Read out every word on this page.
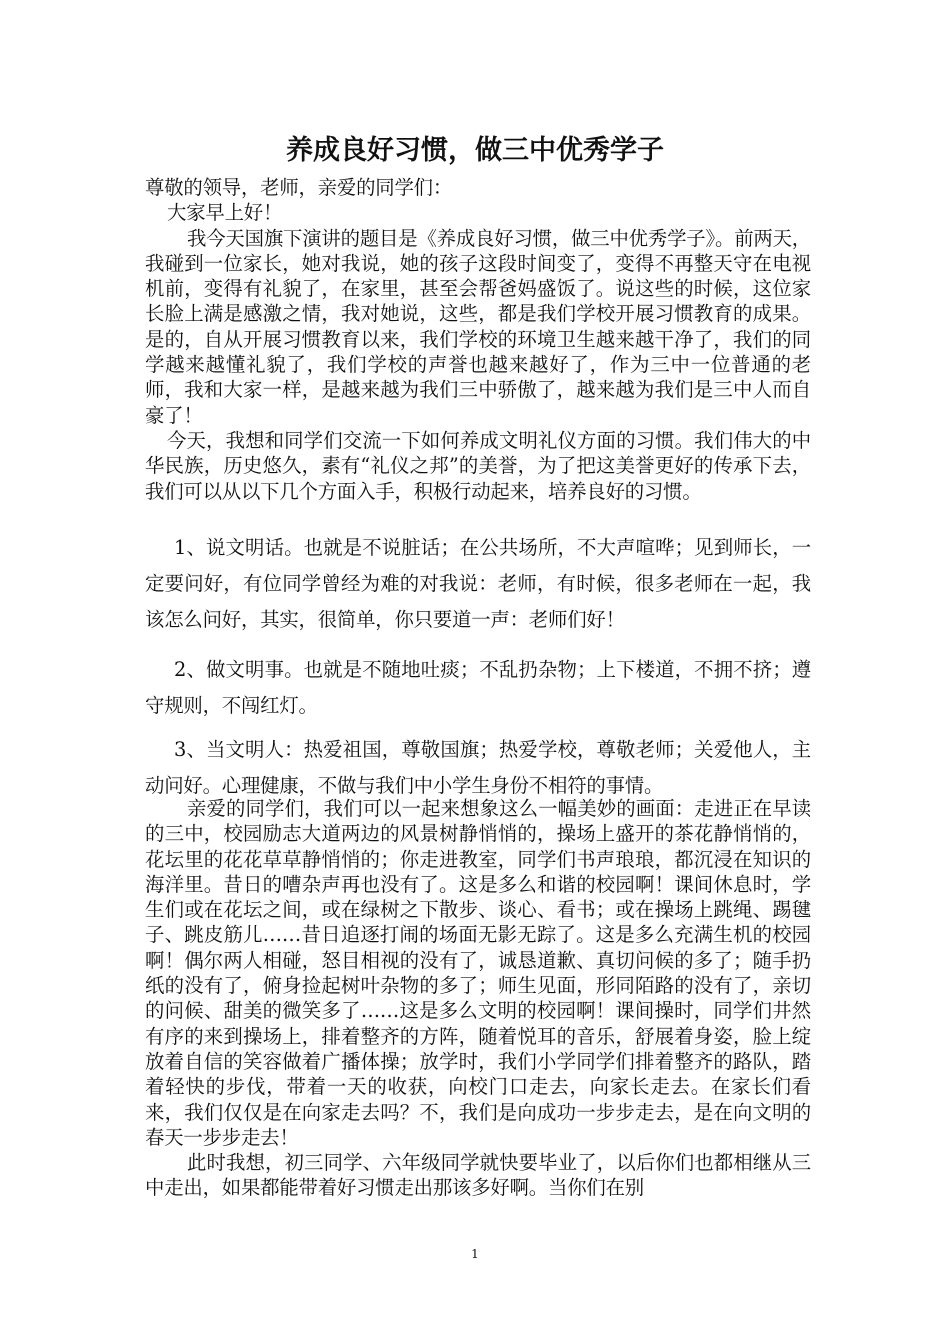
养成良好习惯，做三中优秀学子

尊敬的领导，老师，亲爱的同学们：

大家早上好！

我今天国旗下演讲的题目是《养成良好习惯，做三中优秀学子》。前两天，我碰到一位家长，她对我说，她的孩子这段时间变了，变得不再整天守在电视机前，变得有礼貌了，在家里，甚至会帮爸妈盛饭了。说这些的时候，这位家长脸上满是感激之情，我对她说，这些，都是我们学校开展习惯教育的成果。是的，自从开展习惯教育以来，我们学校的环境卫生越来越干净了，我们的同学越来越懂礼貌了，我们学校的声誉也越来越好了，作为三中一位普通的老师，我和大家一样，是越来越为我们三中骄傲了，越来越为我们是三中人而自豪了！

今天，我想和同学们交流一下如何养成文明礼仪方面的习惯。我们伟大的中华民族，历史悠久，素有“礼仪之邦”的美誉，为了把这美誉更好的传承下去，我们可以从以下几个方面入手，积极行动起来，培养良好的习惯。

1、说文明话。也就是不说脏话；在公共场所，不大声喧哗；见到师长，一定要问好，有位同学曾经为难的对我说：老师，有时候，很多老师在一起，我该怎么问好，其实，很简单，你只要道一声：老师们好！

2、做文明事。也就是不随地吐痰；不乱扔杂物；上下楼道，不拥不挤；遵守规则，不闯红灯。

3、当文明人：热爱祖国，尊敬国旗；热爱学校，尊敬老师；关爱他人，主动问好。心理健康，不做与我们中小学生身份不相符的事情。

亲爱的同学们，我们可以一起来想象这么一幅美妙的画面：走进正在早读的三中，校园励志大道两边的风景树静悄悄的，操场上盛开的茶花静悄悄的，花坛里的花花草草静悄悄的；你走进教室，同学们书声琅琅，都沉浸在知识的海洋里。昔日的嘈杂声再也没有了。这是多么和谐的校园啊！课间休息时，学生们或在花坛之间，或在绿树之下散步、谈心、看书；或在操场上跳绳、踢毽子、跳皮筋儿……昔日追逐打闹的场面无影无踪了。这是多么充满生机的校园啊！偶尔两人相碰，怒目相视的没有了，诚恳道歉、真切问候的多了；随手扔纸的没有了，俯身捡起树叶杂物的多了；师生见面，形同陌路的没有了，亲切的问候、甜美的微笑多了……这是多么文明的校园啊！课间操时，同学们井然有序的来到操场上，排着整齐的方阵，随着悦耳的音乐，舒展着身姿，脸上绽放着自信的笑容做着广播体操；放学时，我们小学同学们排着整齐的路队，踏着轻快的步伐，带着一天的收获，向校门口走去，向家长走去。在家长们看来，我们仅仅是在向家走去吗？不，我们是向成功一步步走去，是在向文明的春天一步步走去！

此时我想，初三同学、六年级同学就快要毕业了，以后你们也都相继从三中走出，如果都能带着好习惯走出那该多好啊。当你们在别

1
